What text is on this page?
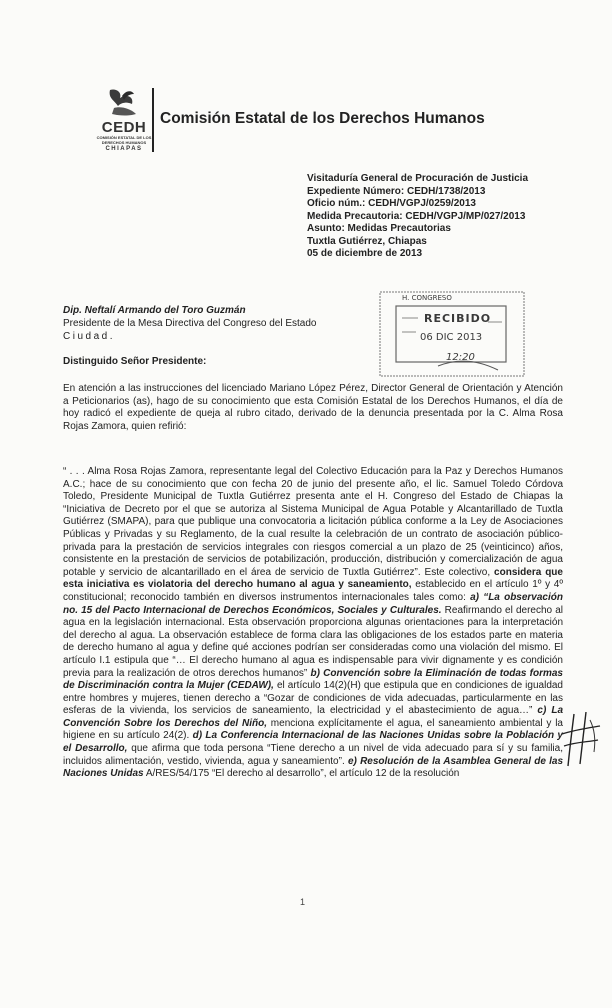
CEDH
COMISIÓN ESTATAL DE LOS DERECHOS HUMANOS
CHIAPAS
Comisión Estatal de los Derechos Humanos
Visitaduría General de Procuración de Justicia
Expediente Número: CEDH/1738/2013
Oficio núm.: CEDH/VGPJ/0259/2013
Medida Precautoria: CEDH/VGPJ/MP/027/2013
Asunto: Medidas Precautorias
Tuxtla Gutiérrez, Chiapas
05 de diciembre de 2013
H. CONGRESO
RECIBIDO
06 DIC 2013
12:20
Dip. Neftalí Armando del Toro Guzmán
Presidente de la Mesa Directiva del Congreso del Estado
Ciudad.
Distinguido Señor Presidente:
En atención a las instrucciones del licenciado Mariano López Pérez, Director General de Orientación y Atención a Peticionarios (as), hago de su conocimiento que esta Comisión Estatal de los Derechos Humanos, el día de hoy radicó el expediente de queja al rubro citado, derivado de la denuncia presentada por la C. Alma Rosa Rojas Zamora, quien refirió:
“ . . . Alma Rosa Rojas Zamora, representante legal del Colectivo Educación para la Paz y Derechos Humanos A.C.; hace de su conocimiento que con fecha 20 de junio del presente año, el lic. Samuel Toledo Córdova Toledo, Presidente Municipal de Tuxtla Gutiérrez presenta ante el H. Congreso del Estado de Chiapas la “Iniciativa de Decreto por el que se autoriza al Sistema Municipal de Agua Potable y Alcantarillado de Tuxtla Gutiérrez (SMAPA), para que publique una convocatoria a licitación pública conforme a la Ley de Asociaciones Públicas y Privadas y su Reglamento, de la cual resulte la celebración de un contrato de asociación público-privada para la prestación de servicios integrales con riesgos comercial a un plazo de 25 (veinticinco) años, consistente en la prestación de servicios de potabilización, producción, distribución y comercialización de agua potable y servicio de alcantarillado en el área de servicio de Tuxtla Gutiérrez”. Este colectivo, considera que esta iniciativa es violatoria del derecho humano al agua y saneamiento, establecido en el artículo 1º y 4º constitucional; reconocido también en diversos instrumentos internacionales tales como: a) “La observación no. 15 del Pacto Internacional de Derechos Económicos, Sociales y Culturales. Reafirmando el derecho al agua en la legislación internacional. Esta observación proporciona algunas orientaciones para la interpretación del derecho al agua. La observación establece de forma clara las obligaciones de los estados parte en materia de derecho humano al agua y define qué acciones podrían ser consideradas como una violación del mismo. El artículo I.1 estipula que “… El derecho humano al agua es indispensable para vivir dignamente y es condición previa para la realización de otros derechos humanos” b) Convención sobre la Eliminación de todas formas de Discriminación contra la Mujer (CEDAW), el artículo 14(2)(H) que estipula que en condiciones de igualdad entre hombres y mujeres, tienen derecho a “Gozar de condiciones de vida adecuadas, particularmente en las esferas de la vivienda, los servicios de saneamiento, la electricidad y el abastecimiento de agua…” c) La Convención Sobre los Derechos del Niño, menciona explícitamente el agua, el saneamiento ambiental y la higiene en su artículo 24(2). d) La Conferencia Internacional de las Naciones Unidas sobre la Población y el Desarrollo, que afirma que toda persona “Tiene derecho a un nivel de vida adecuado para sí y su familia, incluidos alimentación, vestido, vivienda, agua y saneamiento”. e) Resolución de la Asamblea General de las Naciones Unidas A/RES/54/175 “El derecho al desarrollo”, el artículo 12 de la resolución
1
